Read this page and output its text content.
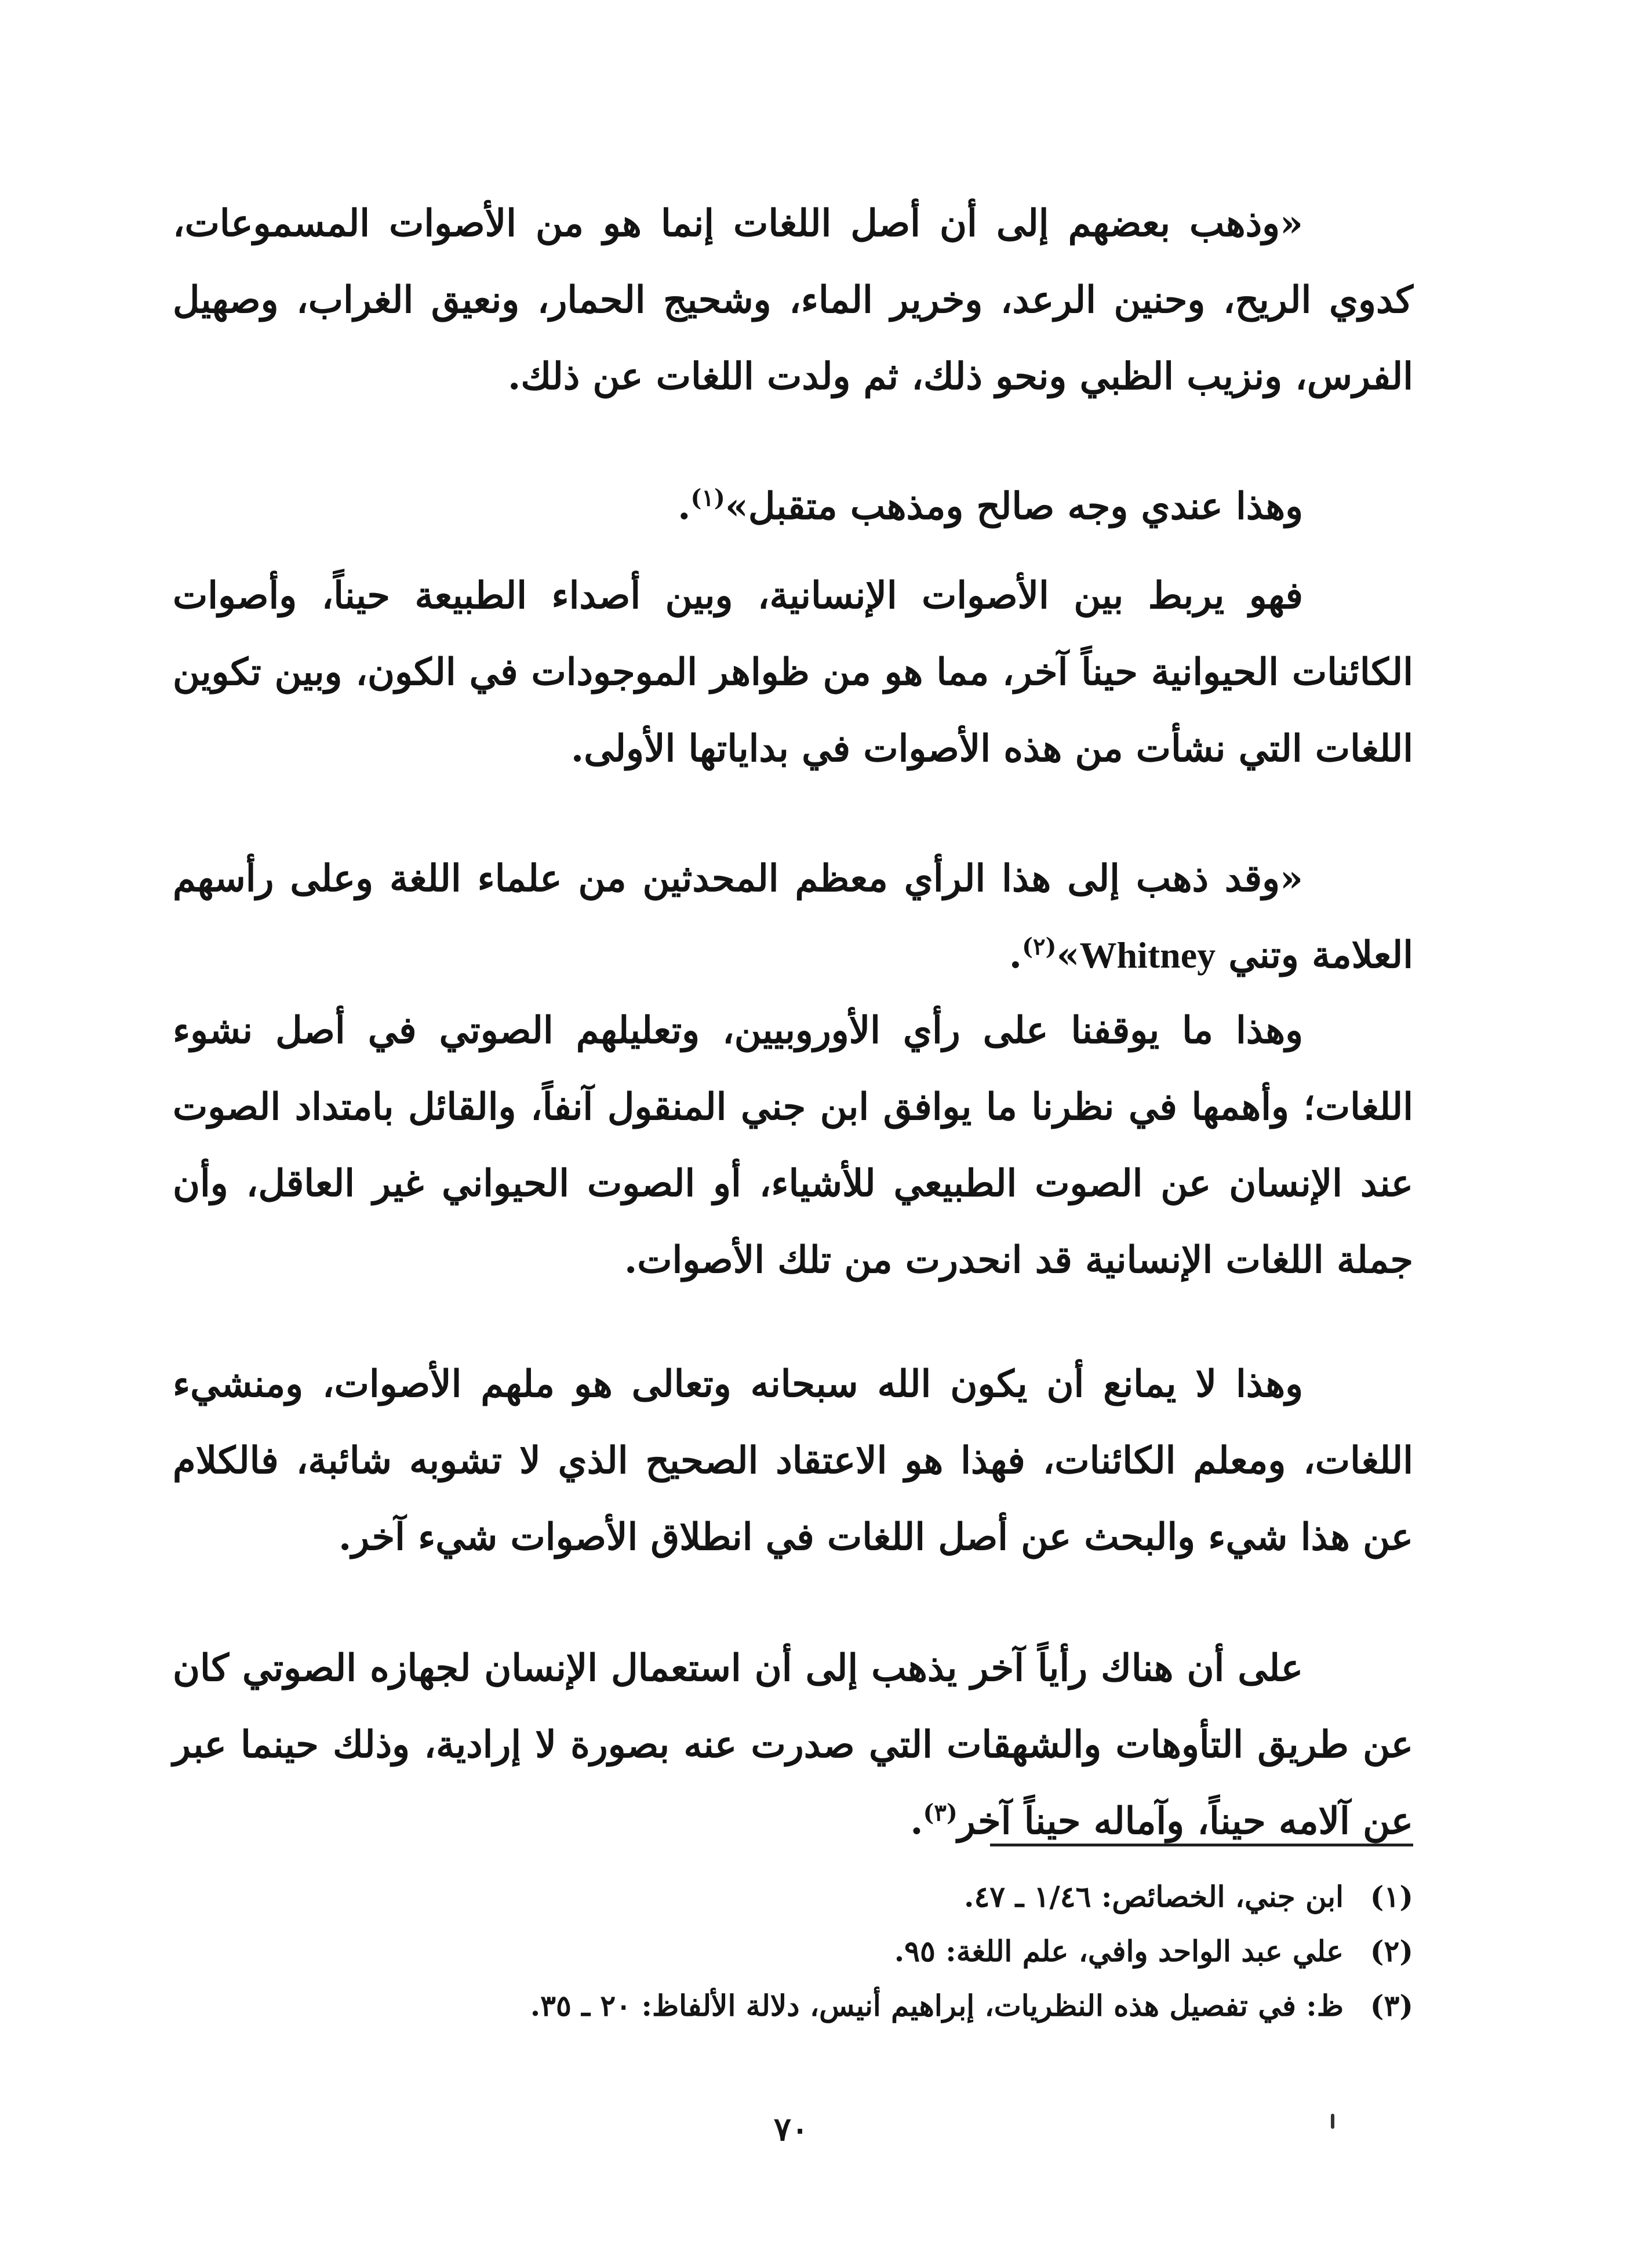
«وذهب بعضهم إلى أن أصل اللغات إنما هو من الأصوات المسموعات، كدوي الريح، وحنين الرعد، وخرير الماء، وشحيج الحمار، ونعيق الغراب، وصهيل الفرس، ونزيب الظبي ونحو ذلك، ثم ولدت اللغات عن ذلك.

وهذا عندي وجه صالح ومذهب متقبل»$^{(١)}$.

فهو يربط بين الأصوات الإنسانية، وبين أصداء الطبيعة حيناً، وأصوات الكائنات الحيوانية حيناً آخر، مما هو من ظواهر الموجودات في الكون، وبين تكوين اللغات التي نشأت من هذه الأصوات في بداياتها الأولى.

«وقد ذهب إلى هذا الرأي معظم المحدثين من علماء اللغة وعلى رأسهم العلامة وتني Whitney»$^{(٢)}$.

وهذا ما يوقفنا على رأي الأوروبيين، وتعليلهم الصوتي في أصل نشوء اللغات؛ وأهمها في نظرنا ما يوافق ابن جني المنقول آنفاً، والقائل بامتداد الصوت عند الإنسان عن الصوت الطبيعي للأشياء، أو الصوت الحيواني غير العاقل، وأن جملة اللغات الإنسانية قد انحدرت من تلك الأصوات.

وهذا لا يمانع أن يكون الله سبحانه وتعالى هو ملهم الأصوات، ومنشيء اللغات، ومعلم الكائنات، فهذا هو الاعتقاد الصحيح الذي لا تشوبه شائبة، فالكلام عن هذا شيء والبحث عن أصل اللغات في انطلاق الأصوات شيء آخر.

على أن هناك رأياً آخر يذهب إلى أن استعمال الإنسان لجهازه الصوتي كان عن طريق التأوهات والشهقات التي صدرت عنه بصورة لا إرادية، وذلك حينما عبر عن آلامه حيناً، وآماله حيناً آخر$^{(٣)}$.

(١)ابن جني، الخصائص: ١/٤٦ ـ ٤٧.

(٢)علي عبد الواحد وافي، علم اللغة: ٩٥.

(٣)ظ: في تفصيل هذه النظريات، إبراهيم أنيس، دلالة الألفاظ: ٢٠ ـ ٣٥.

٧٠
